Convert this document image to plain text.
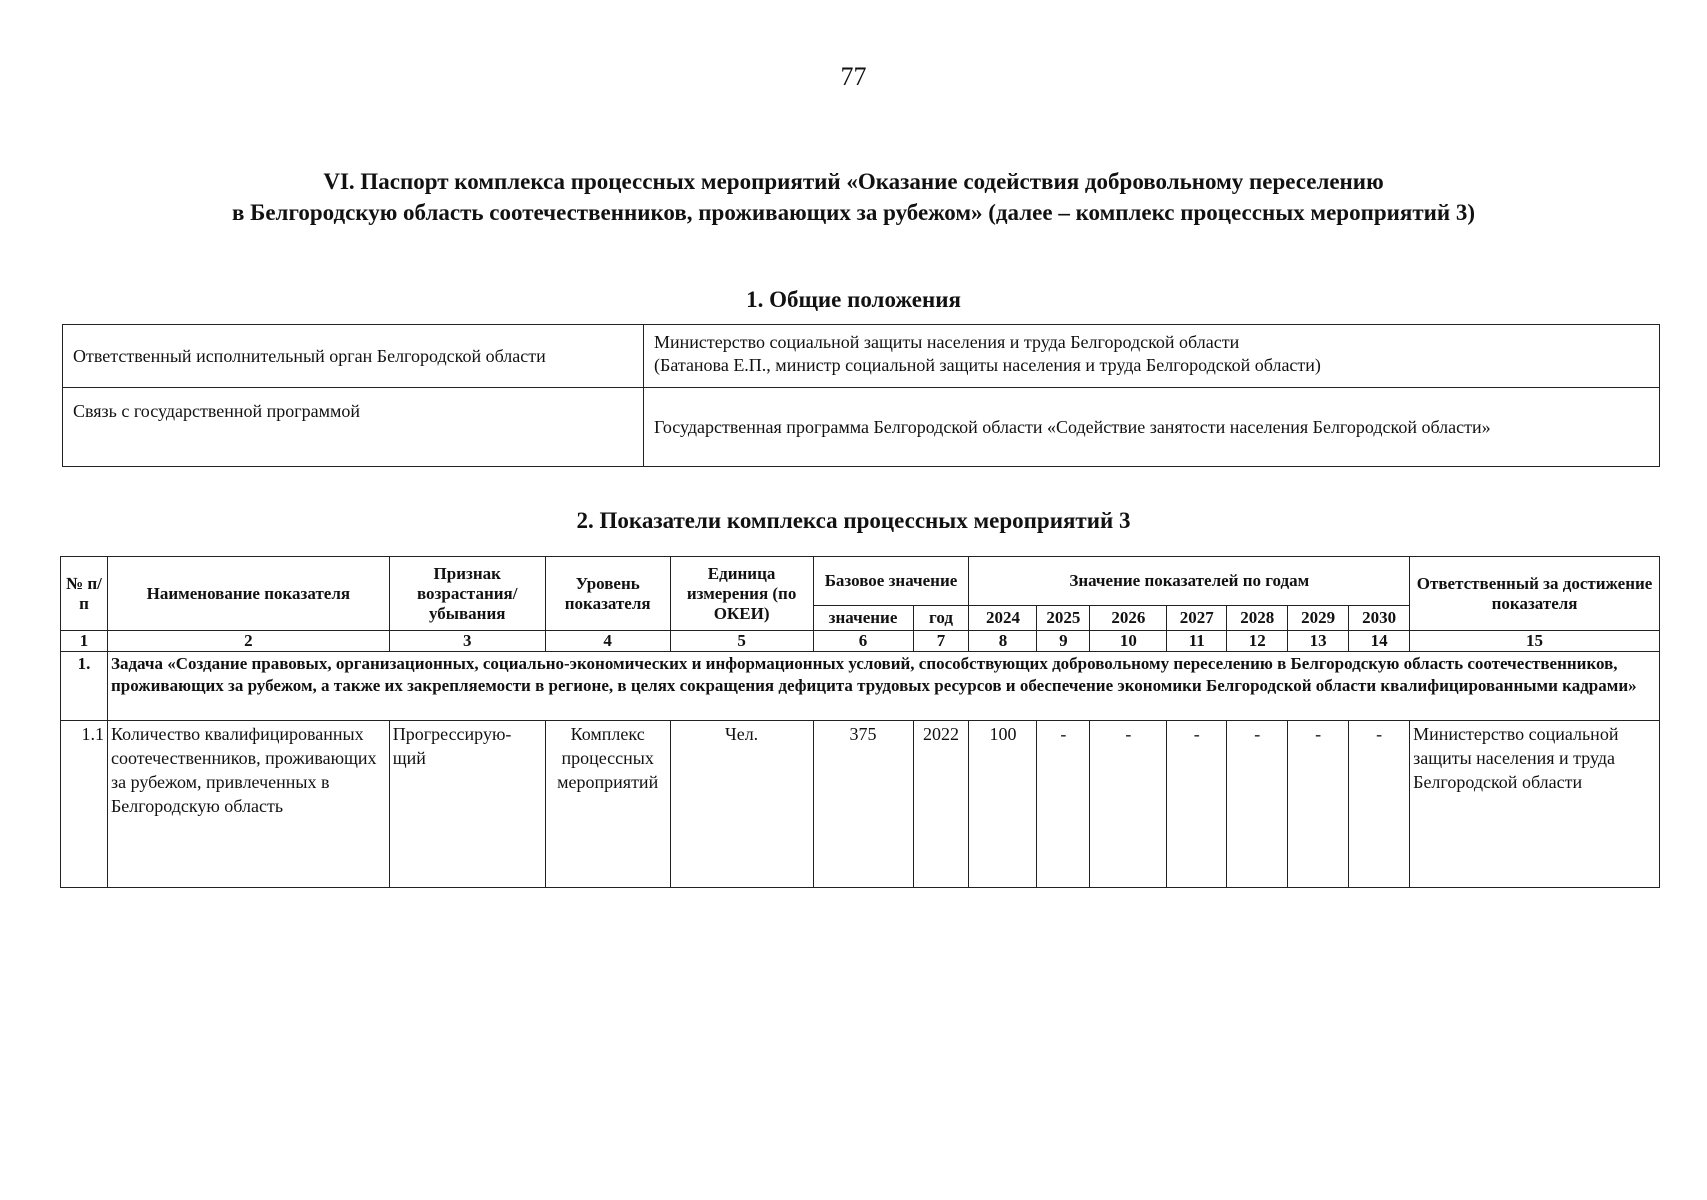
77
VI. Паспорт комплекса процессных мероприятий «Оказание содействия добровольному переселению
в Белгородскую область соотечественников, проживающих за рубежом» (далее – комплекс процессных мероприятий 3)
1. Общие положения
Ответственный исполнительный орган Белгородской области	Министерство социальной защиты населения и труда Белгородской области
(Батанова Е.П., министр социальной защиты населения и труда Белгородской области)

Связь с государственной программой	Государственная программа Белгородской области «Содействие занятости населения Белгородской области»
2. Показатели комплекса процессных мероприятий 3
№ п/п	Наименование показателя	Признак возрастания/ убывания	Уровень показателя	Единица измерения (по ОКЕИ)	Базовое значение		Значение показателей по годам							Ответственный за достижение показателя
					значение	год	2024	2025	2026	2027	2028	2029	2030	
1	2	3	4	5	6	7	8	9	10	11	12	13	14	15
1.	Задача «Создание правовых, организационных, социально-экономических и информационных условий, способствующих добровольному переселению в Белгородскую область соотечественников, проживающих за рубежом, а также их закрепляемости в регионе, в целях сокращения дефицита трудовых ресурсов и обеспечение экономики Белгородской области квалифицированными кадрами»													
1.1	Количество квалифицированных соотечественников, проживающих за рубежом, привлеченных в Белгородскую область	Прогрессирую-щий	Комплекс процессных мероприятий	Чел.	375	2022	100	-	-	-	-	-	-	Министерство социальной защиты населения и труда Белгородской области
